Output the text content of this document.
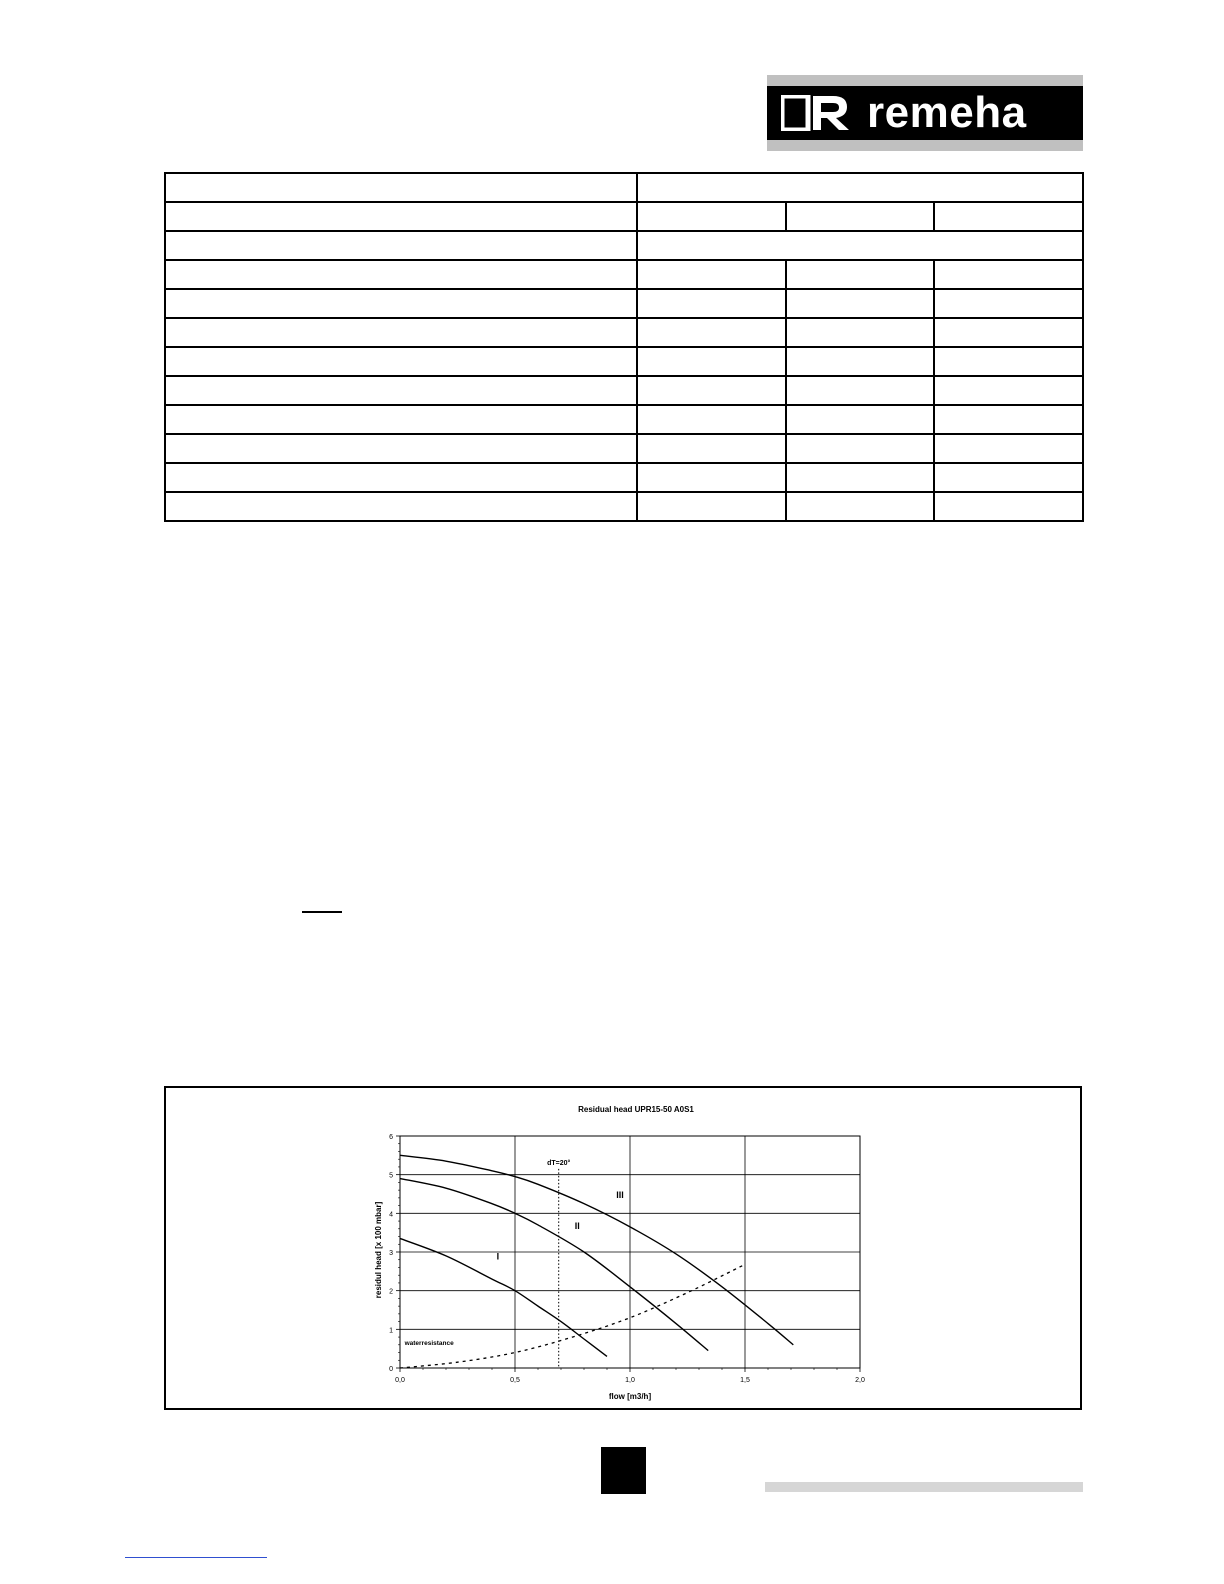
remeha

Residual head UPR15-50 A0S1
0
1
2
3
4
5
6
0,0	0,5	1,0	1,5	2,0
dT=20°
I
II
III
waterresistance
flow [m3/h]
residul head [x 100 mbar]
